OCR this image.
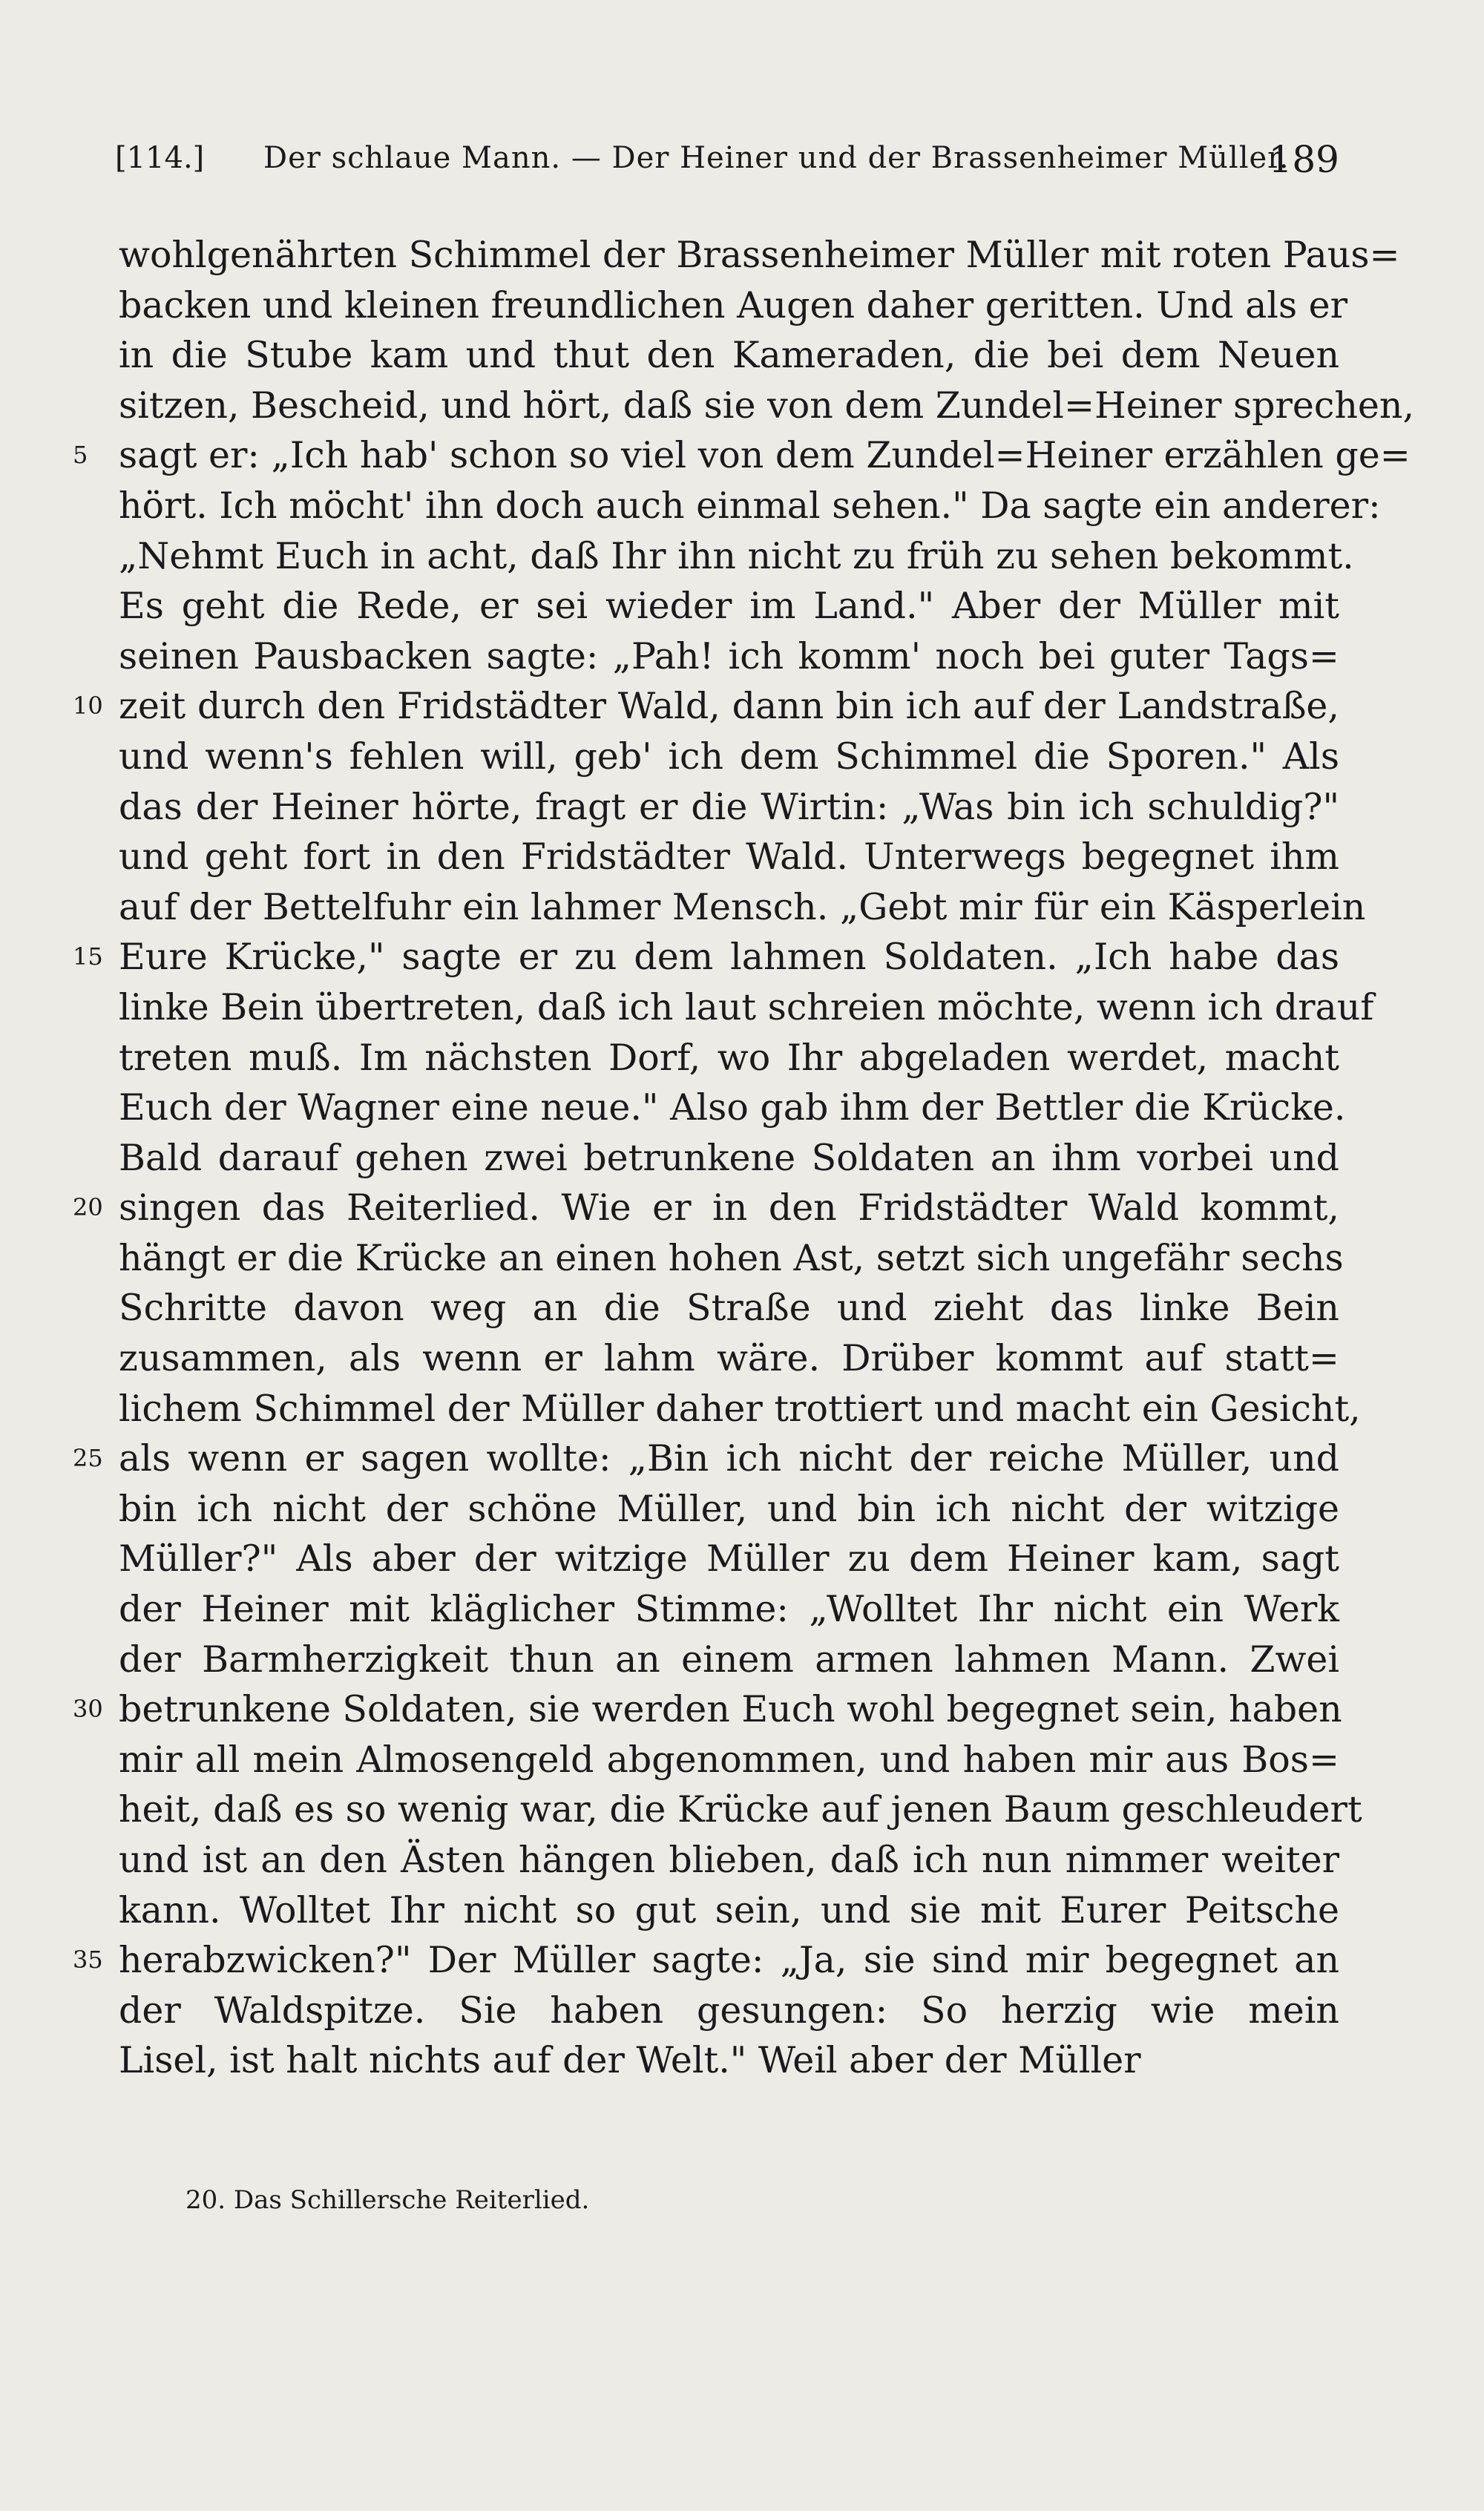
[114.] Der schlaue Mann. — Der Heiner und der Brassenheimer Müller.
189
wohlgenährten Schimmel der Brassenheimer Müller mit roten Paus=
backen und kleinen freundlichen Augen daher geritten. Und als er
in die Stube kam und thut den Kameraden, die bei dem Neuen
sitzen, Bescheid, und hört, daß sie von dem Zundel=Heiner sprechen,
5 sagt er: „Ich hab' schon so viel von dem Zundel=Heiner erzählen ge=
hört. Ich möcht' ihn doch auch einmal sehen." Da sagte ein anderer:
„Nehmt Euch in acht, daß Ihr ihn nicht zu früh zu sehen bekommt.
Es geht die Rede, er sei wieder im Land." Aber der Müller mit
seinen Pausbacken sagte: „Pah! ich komm' noch bei guter Tags=
10 zeit durch den Fridstädter Wald, dann bin ich auf der Landstraße,
und wenn's fehlen will, geb' ich dem Schimmel die Sporen." Als
das der Heiner hörte, fragt er die Wirtin: „Was bin ich schuldig?"
und geht fort in den Fridstädter Wald. Unterwegs begegnet ihm
auf der Bettelfuhr ein lahmer Mensch. „Gebt mir für ein Käsperlein
15 Eure Krücke," sagte er zu dem lahmen Soldaten. „Ich habe das
linke Bein übertreten, daß ich laut schreien möchte, wenn ich drauf
treten muß. Im nächsten Dorf, wo Ihr abgeladen werdet, macht
Euch der Wagner eine neue." Also gab ihm der Bettler die Krücke.
Bald darauf gehen zwei betrunkene Soldaten an ihm vorbei und
20 singen das Reiterlied. Wie er in den Fridstädter Wald kommt,
hängt er die Krücke an einen hohen Ast, setzt sich ungefähr sechs
Schritte davon weg an die Straße und zieht das linke Bein
zusammen, als wenn er lahm wäre. Drüber kommt auf statt=
lichem Schimmel der Müller daher trottiert und macht ein Gesicht,
25 als wenn er sagen wollte: „Bin ich nicht der reiche Müller, und
bin ich nicht der schöne Müller, und bin ich nicht der witzige
Müller?" Als aber der witzige Müller zu dem Heiner kam, sagt
der Heiner mit kläglicher Stimme: „Wolltet Ihr nicht ein Werk
der Barmherzigkeit thun an einem armen lahmen Mann. Zwei
30 betrunkene Soldaten, sie werden Euch wohl begegnet sein, haben
mir all mein Almosengeld abgenommen, und haben mir aus Bos=
heit, daß es so wenig war, die Krücke auf jenen Baum geschleudert
und ist an den Ästen hängen blieben, daß ich nun nimmer weiter
kann. Wolltet Ihr nicht so gut sein, und sie mit Eurer Peitsche
35 herabzwicken?" Der Müller sagte: „Ja, sie sind mir begegnet an
der Waldspitze. Sie haben gesungen: So herzig wie mein
Lisel, ist halt nichts auf der Welt." Weil aber der Müller
20. Das Schillersche Reiterlied.
